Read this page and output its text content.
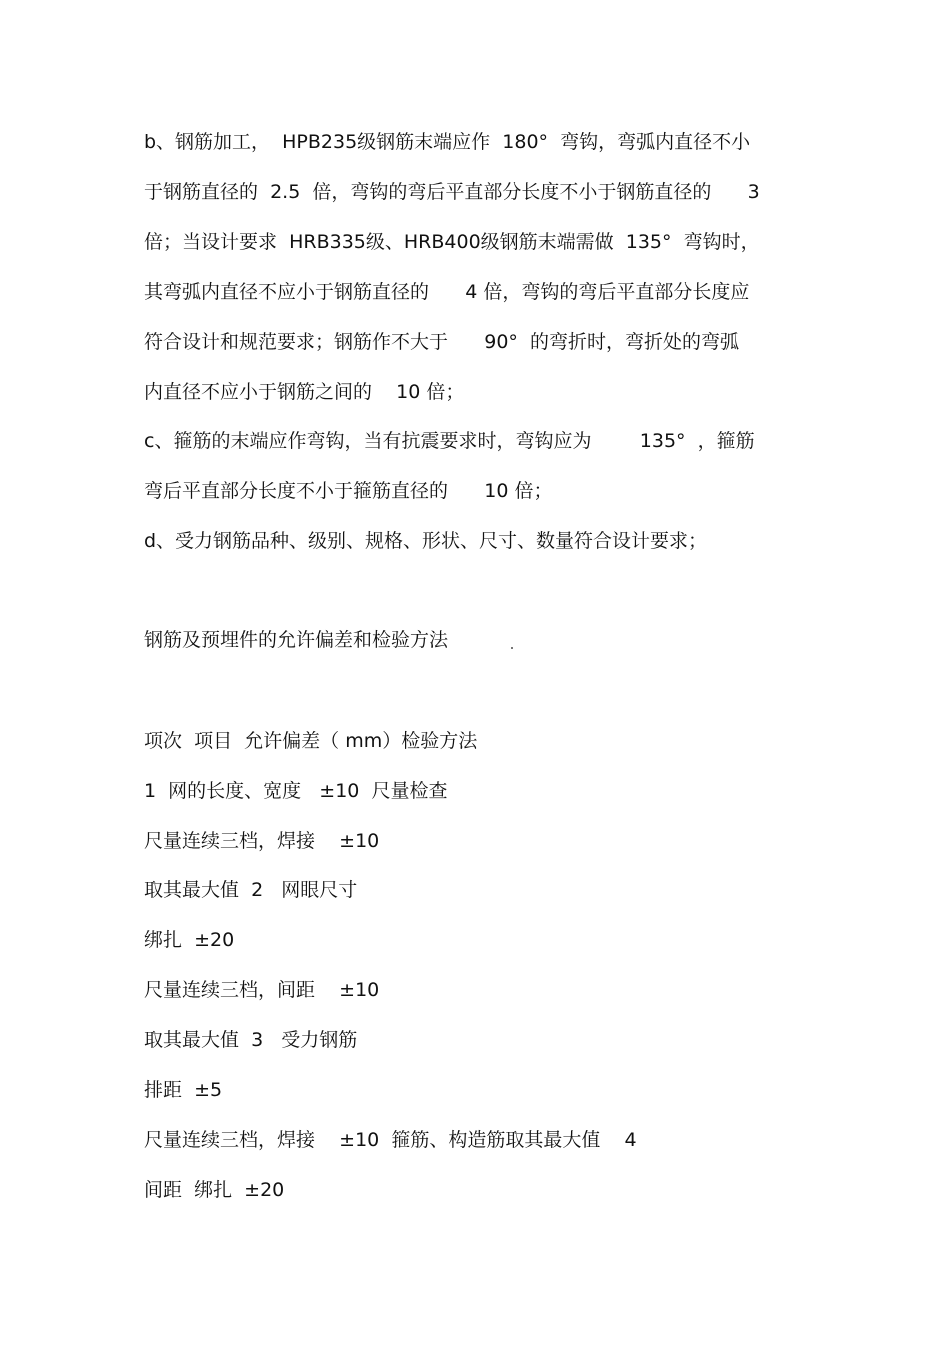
b、钢筋加工，  HPB235级钢筋末端应作  180°  弯钩，弯弧内直径不小
于钢筋直径的  2.5  倍，弯钩的弯后平直部分长度不小于钢筋直径的      3
倍；当设计要求  HRB335级、HRB400级钢筋末端需做  135°  弯钩时，
其弯弧内直径不应小于钢筋直径的      4 倍，弯钩的弯后平直部分长度应
符合设计和规范要求；钢筋作不大于      90°  的弯折时，弯折处的弯弧
内直径不应小于钢筋之间的    10 倍；
c、箍筋的末端应作弯钩，当有抗震要求时，弯钩应为        135°  ，箍筋
弯后平直部分长度不小于箍筋直径的      10 倍；
d、受力钢筋品种、级别、规格、形状、尺寸、数量符合设计要求；
钢筋及预埋件的允许偏差和检验方法
项次  项目  允许偏差（ mm）检验方法
1  网的长度、宽度   ±10  尺量检查
尺量连续三档，焊接    ±10
取其最大值  2   网眼尺寸
绑扎  ±20
尺量连续三档，间距    ±10
取其最大值  3   受力钢筋
排距  ±5
尺量连续三档，焊接    ±10  箍筋、构造筋取其最大值    4
间距  绑扎  ±20
